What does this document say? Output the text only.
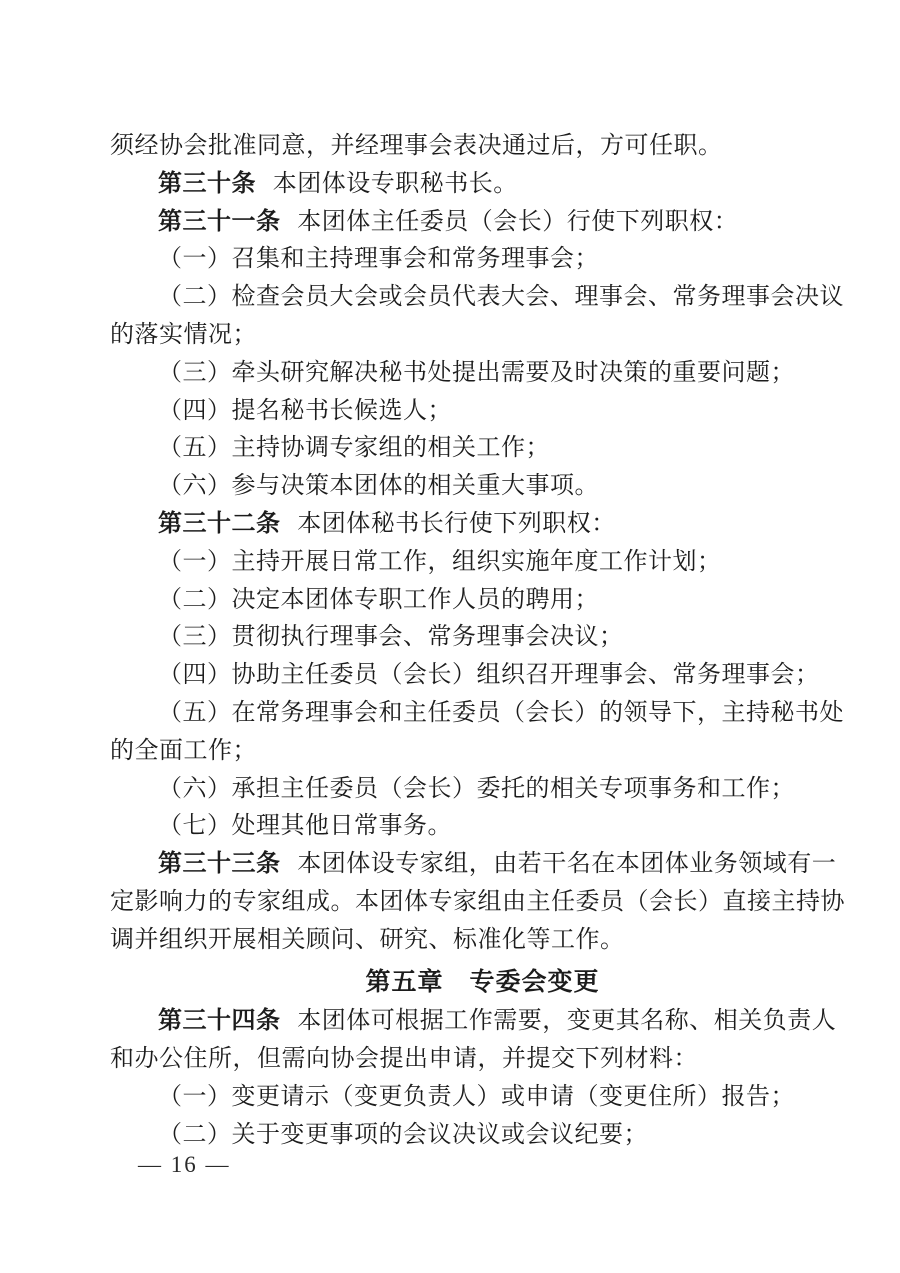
须经协会批准同意，并经理事会表决通过后，方可任职。
第三十条 本团体设专职秘书长。
第三十一条 本团体主任委员（会长）行使下列职权：
（一）召集和主持理事会和常务理事会；
（二）检查会员大会或会员代表大会、理事会、常务理事会决议
的落实情况；
（三）牵头研究解决秘书处提出需要及时决策的重要问题；
（四）提名秘书长候选人；
（五）主持协调专家组的相关工作；
（六）参与决策本团体的相关重大事项。
第三十二条 本团体秘书长行使下列职权：
（一）主持开展日常工作，组织实施年度工作计划；
（二）决定本团体专职工作人员的聘用；
（三）贯彻执行理事会、常务理事会决议；
（四）协助主任委员（会长）组织召开理事会、常务理事会；
（五）在常务理事会和主任委员（会长）的领导下，主持秘书处
的全面工作；
（六）承担主任委员（会长）委托的相关专项事务和工作；
（七）处理其他日常事务。
第三十三条 本团体设专家组，由若干名在本团体业务领域有一
定影响力的专家组成。本团体专家组由主任委员（会长）直接主持协
调并组织开展相关顾问、研究、标准化等工作。
第五章　专委会变更
第三十四条 本团体可根据工作需要，变更其名称、相关负责人
和办公住所，但需向协会提出申请，并提交下列材料：
（一）变更请示（变更负责人）或申请（变更住所）报告；
（二）关于变更事项的会议决议或会议纪要；
— 16 —
